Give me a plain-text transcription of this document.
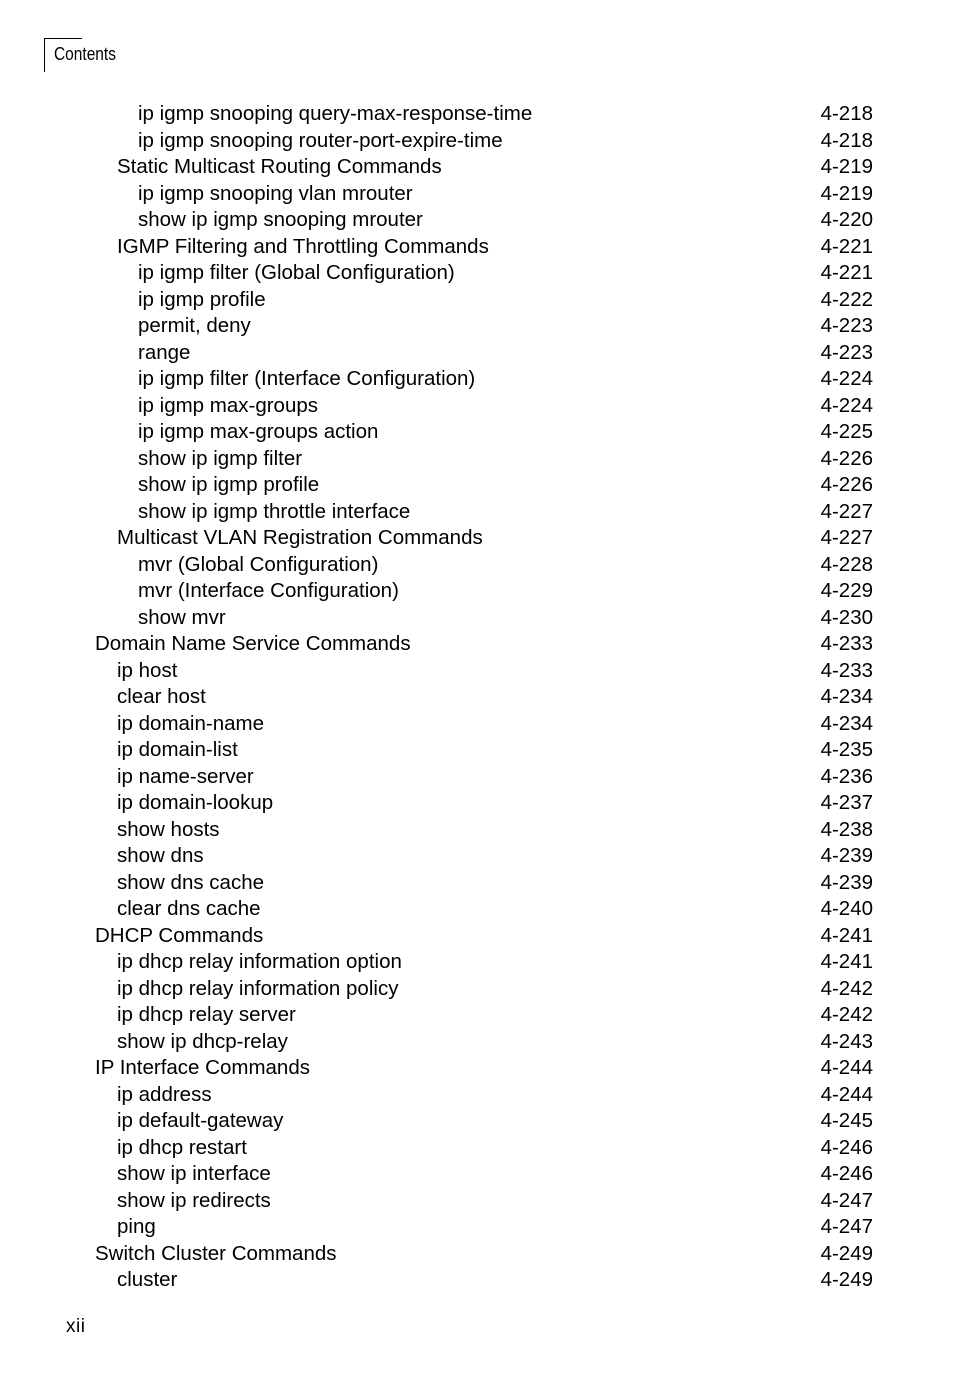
Contents
ip igmp snooping query-max-response-time	4-218
ip igmp snooping router-port-expire-time	4-218
Static Multicast Routing Commands	4-219
ip igmp snooping vlan mrouter	4-219
show ip igmp snooping mrouter	4-220
IGMP Filtering and Throttling Commands	4-221
ip igmp filter (Global Configuration)	4-221
ip igmp profile	4-222
permit, deny	4-223
range	4-223
ip igmp filter (Interface Configuration)	4-224
ip igmp max-groups	4-224
ip igmp max-groups action	4-225
show ip igmp filter	4-226
show ip igmp profile	4-226
show ip igmp throttle interface	4-227
Multicast VLAN Registration Commands	4-227
mvr (Global Configuration)	4-228
mvr (Interface Configuration)	4-229
show mvr	4-230
Domain Name Service Commands	4-233
ip host	4-233
clear host	4-234
ip domain-name	4-234
ip domain-list	4-235
ip name-server	4-236
ip domain-lookup	4-237
show hosts	4-238
show dns	4-239
show dns cache	4-239
clear dns cache	4-240
DHCP Commands	4-241
ip dhcp relay information option	4-241
ip dhcp relay information policy	4-242
ip dhcp relay server	4-242
show ip dhcp-relay	4-243
IP Interface Commands	4-244
ip address	4-244
ip default-gateway	4-245
ip dhcp restart	4-246
show ip interface	4-246
show ip redirects	4-247
ping	4-247
Switch Cluster Commands	4-249
cluster	4-249
xii
